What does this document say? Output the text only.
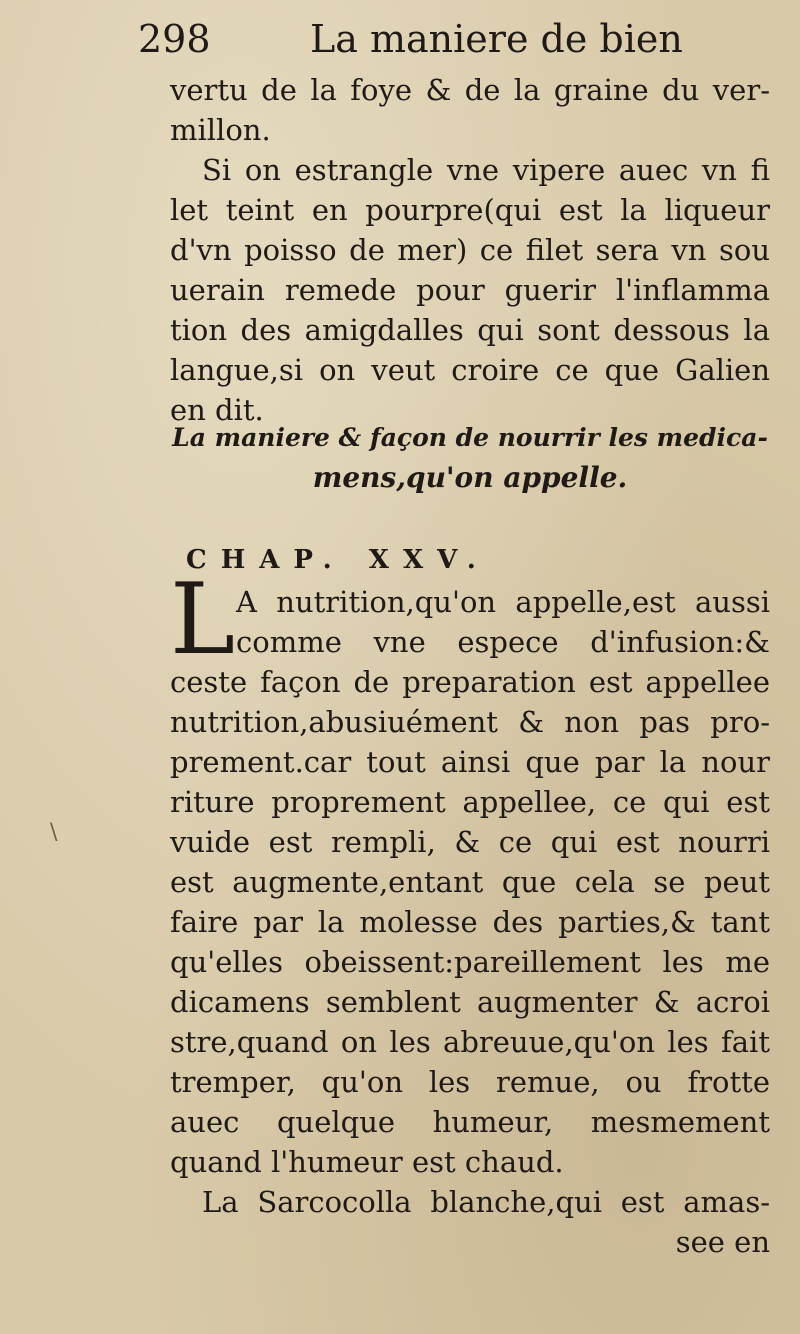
298	La maniere de bien
vertu de la foye & de la graine du ver-
millon.
Si on estrangle vne vipere auec vn fi
let teint en pourpre(qui est la liqueur
d'vn poisso de mer) ce filet sera vn sou
uerain remede pour guerir l'inflamma
tion des amigdalles qui sont dessous la
langue,si on veut croire ce que Galien
en dit.
La maniere & façon de nourrir les medica-
mens,qu'on appelle.
CHAP. XXV.
L A nutrition,qu'on appelle,est aussi
comme vne espece d'infusion:&
ceste façon de preparation est appellee
nutrition,abusiuément & non pas pro-
prement.car tout ainsi que par la nour
riture proprement appellee, ce qui est
vuide est rempli, & ce qui est nourri
est augmente,entant que cela se peut
faire par la molesse des parties,& tant
qu'elles obeissent:pareillement les me
dicamens semblent augmenter & acroi
stre,quand on les abreuue,qu'on les fait
tremper, qu'on les remue, ou frotte
auec quelque humeur, mesmement
quand l'humeur est chaud.
La Sarcocolla blanche,qui est amas-
see en
\
